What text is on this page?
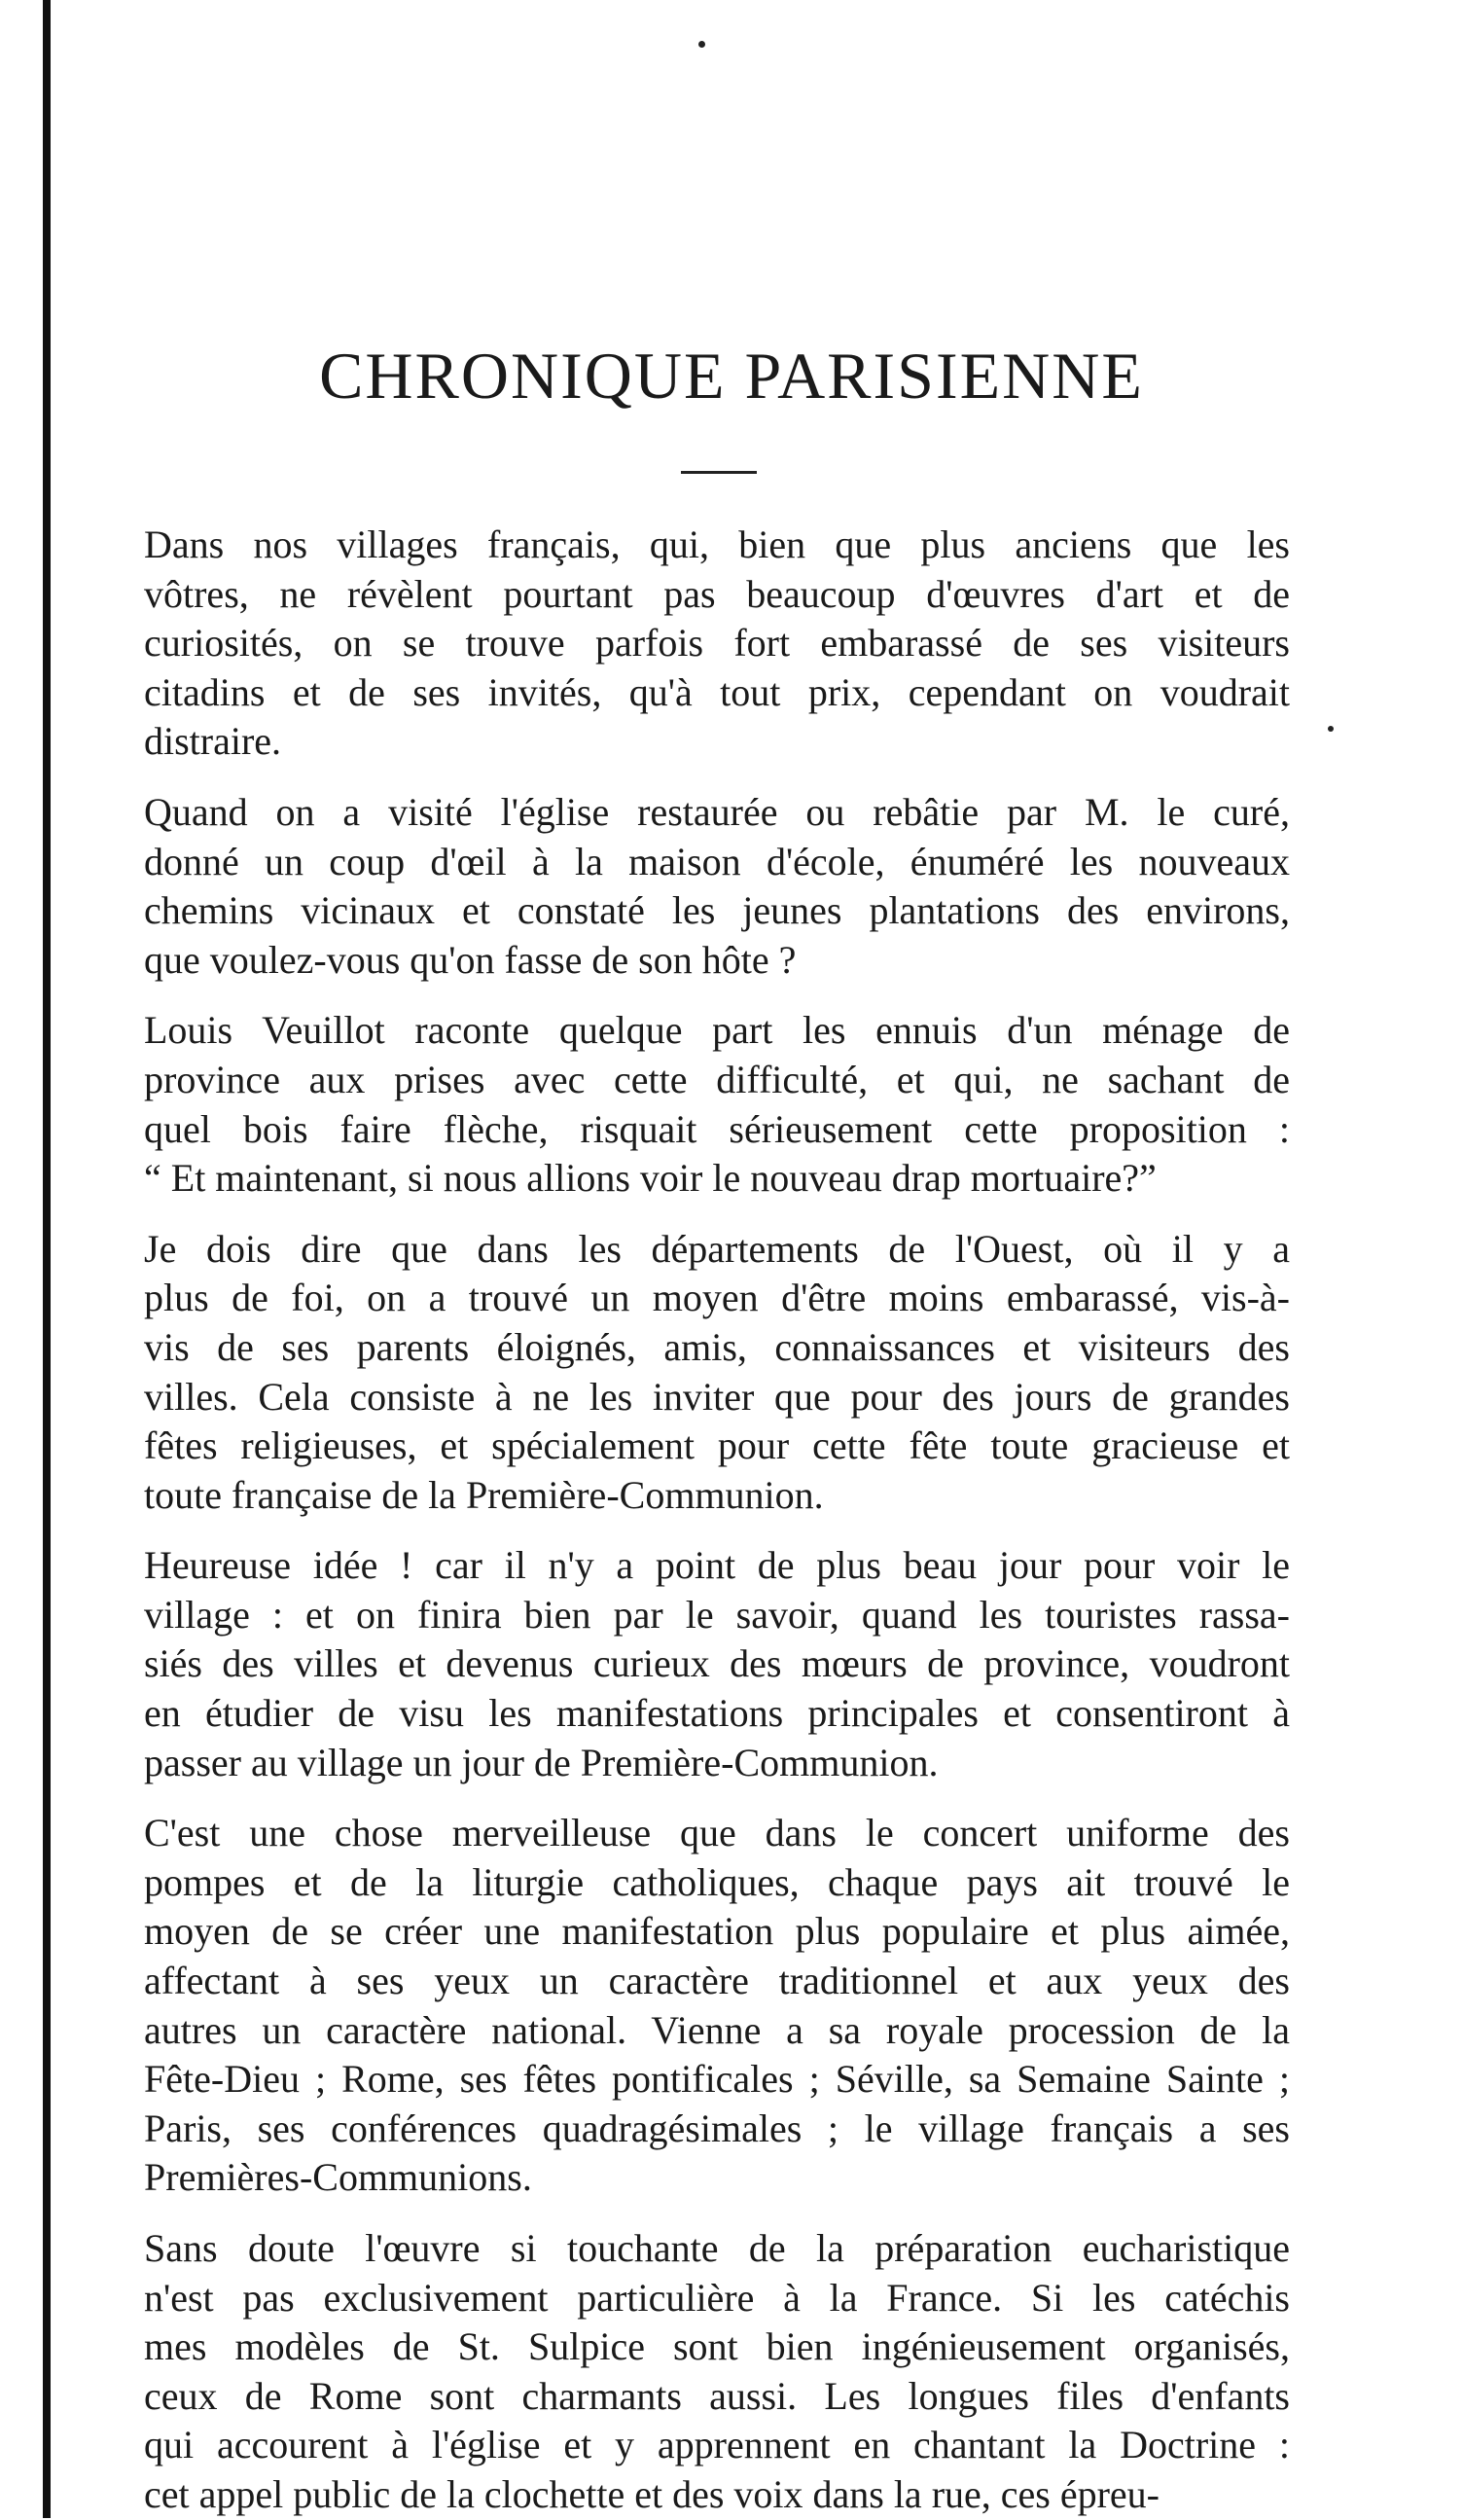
CHRONIQUE PARISIENNE

Dans nos villages français, qui, bien que plus anciens que les
vôtres, ne révèlent pourtant pas beaucoup d'œuvres d'art et de
curiosités, on se trouve parfois fort embarassé de ses visiteurs
citadins et de ses invités, qu'à tout prix, cependant on voudrait
distraire.

Quand on a visité l'église restaurée ou rebâtie par M. le curé,
donné un coup d'œil à la maison d'école, énuméré les nouveaux
chemins vicinaux et constaté les jeunes plantations des environs,
que voulez-vous qu'on fasse de son hôte ?

Louis Veuillot raconte quelque part les ennuis d'un ménage de
province aux prises avec cette difficulté, et qui, ne sachant de
quel bois faire flèche, risquait sérieusement cette proposition :
“ Et maintenant, si nous allions voir le nouveau drap mortuaire?”

Je dois dire que dans les départements de l'Ouest, où il y a
plus de foi, on a trouvé un moyen d'être moins embarassé, vis-à-
vis de ses parents éloignés, amis, connaissances et visiteurs des
villes. Cela consiste à ne les inviter que pour des jours de grandes
fêtes religieuses, et spécialement pour cette fête toute gracieuse et
toute française de la Première-Communion.

Heureuse idée ! car il n'y a point de plus beau jour pour voir le
village : et on finira bien par le savoir, quand les touristes rassa-
siés des villes et devenus curieux des mœurs de province, voudront
en étudier de visu les manifestations principales et consentiront à
passer au village un jour de Première-Communion.

C'est une chose merveilleuse que dans le concert uniforme des
pompes et de la liturgie catholiques, chaque pays ait trouvé le
moyen de se créer une manifestation plus populaire et plus aimée,
affectant à ses yeux un caractère traditionnel et aux yeux des
autres un caractère national. Vienne a sa royale procession de la
Fête-Dieu ; Rome, ses fêtes pontificales ; Séville, sa Semaine Sainte ;
Paris, ses conférences quadragésimales ; le village français a ses
Premières-Communions.

Sans doute l'œuvre si touchante de la préparation eucharistique
n'est pas exclusivement particulière à la France. Si les catéchis
mes modèles de St. Sulpice sont bien ingénieusement organisés,
ceux de Rome sont charmants aussi. Les longues files d'enfants
qui accourent à l'église et y apprennent en chantant la Doctrine :
cet appel public de la clochette et des voix dans la rue, ces épreu-
